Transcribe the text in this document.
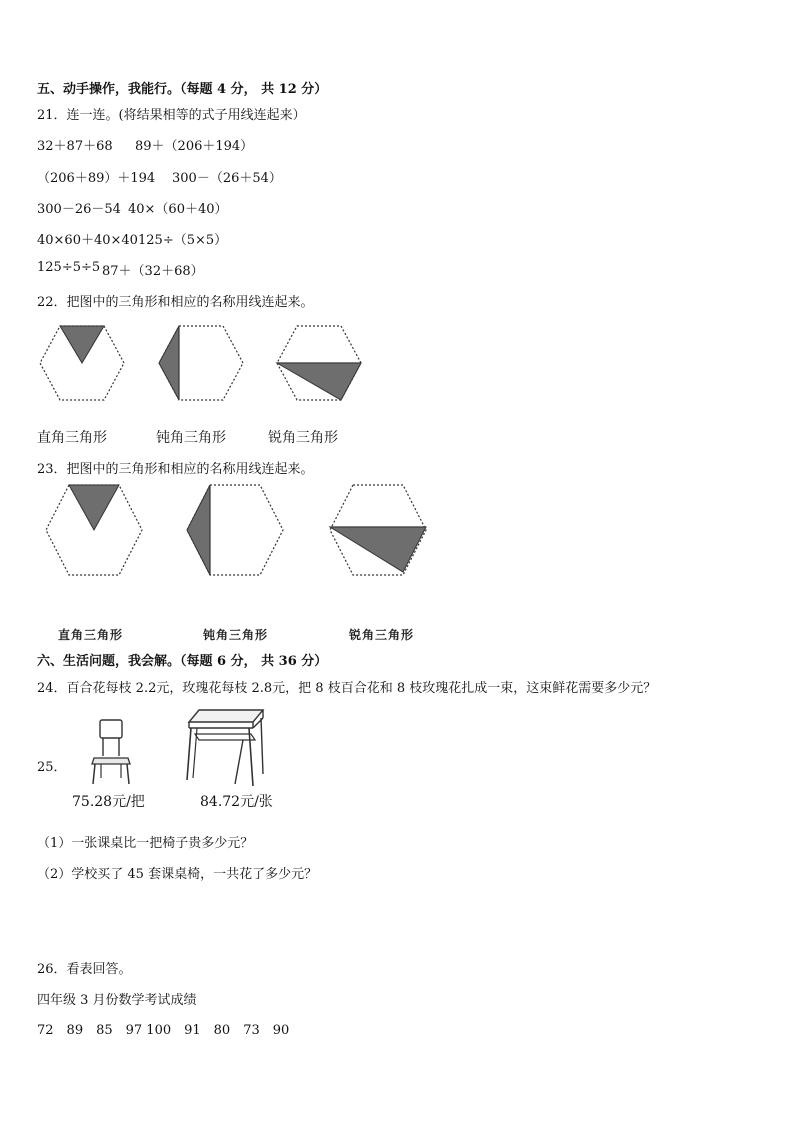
五、动手操作，我能行。（每题 4 分， 共 12 分）
21．连一连。(将结果相等的式子用线连起来）
32＋87＋68 89＋（206＋194）
（206＋89）＋194 300－（26＋54）
300－26－54 40×（60＋40）
40×60＋40×40 125÷（5×5）
125÷5÷5 87＋（32＋68）
22．把图中的三角形和相应的名称用线连起来。
直角三角形	钝角三角形	锐角三角形
23．把图中的三角形和相应的名称用线连起来。
直角三角形	钝角三角形	锐角三角形
六、生活问题，我会解。（每题 6 分， 共 36 分）
24．百合花每枝 2.2元，玫瑰花每枝 2.8元，把 8 枝百合花和 8 枝玫瑰花扎成一束，这束鲜花需要多少元？
25．
75.28元/把	84.72元/张
（1）一张课桌比一把椅子贵多少元？
（2）学校买了 45 套课桌椅，一共花了多少元？
26．看表回答。
四年级 3 月份数学考试成绩
72　89　85　97 100　91　80　73　90
